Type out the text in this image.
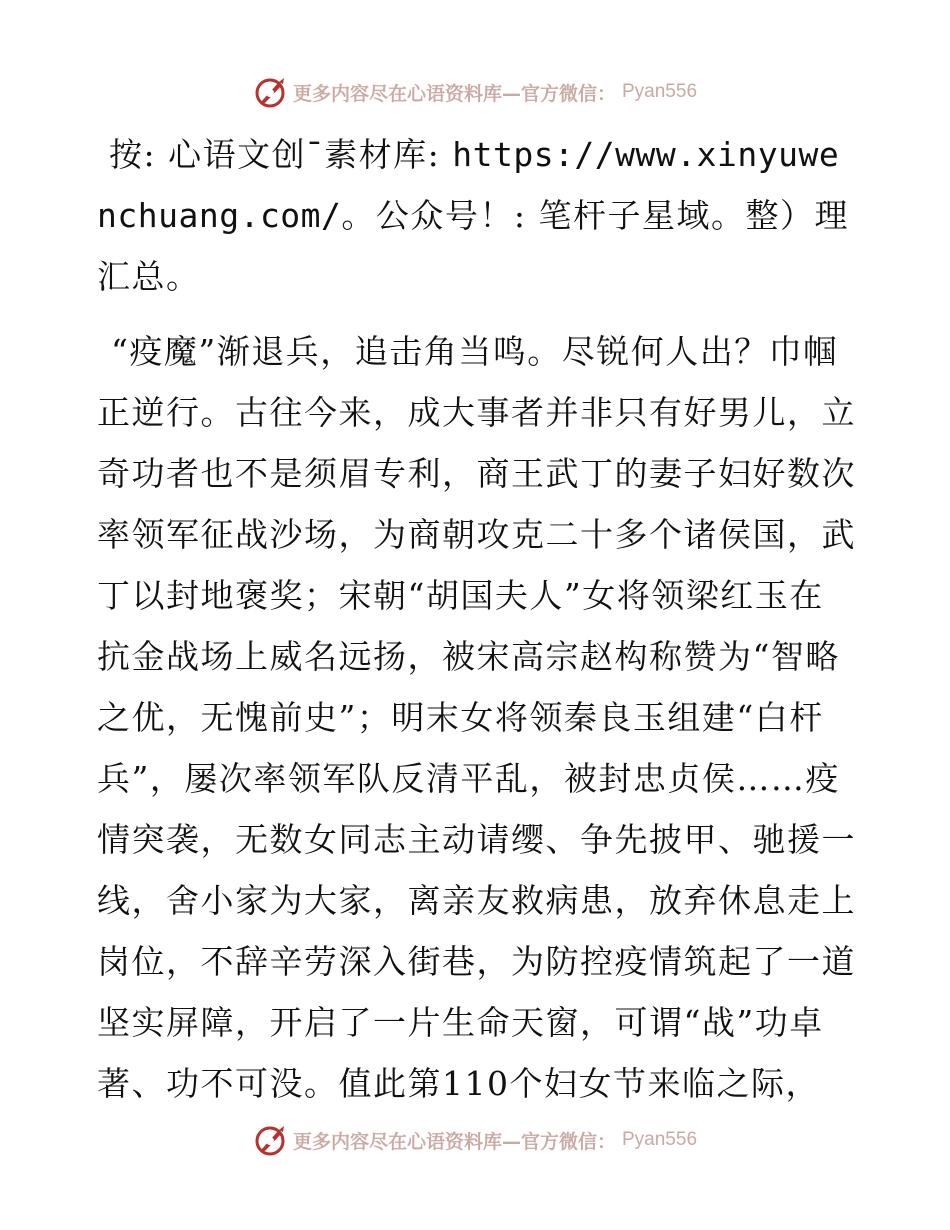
更多内容尽在心语资料库—官方微信： Pyan556

按: 心语文创¯素材库: https://www.xinyuwenchuang.com/。公众号！: 笔杆子星域。整）理汇总。

“疫魔”渐退兵，追击角当鸣。尽锐何人出？巾帼正逆行。古往今来，成大事者并非只有好男儿，立奇功者也不是须眉专利，商王武丁的妻子妇好数次率领军征战沙场，为商朝攻克二十多个诸侯国，武丁以封地褒奖；宋朝“胡国夫人”女将领梁红玉在抗金战场上威名远扬，被宋高宗赵构称赞为“智略之优，无愧前史”；明末女将领秦良玉组建“白杆兵”，屡次率领军队反清平乱，被封忠贞侯……疫情突袭，无数女同志主动请缨、争先披甲、驰援一线，舍小家为大家，离亲友救病患，放弃休息走上岗位，不辞辛劳深入街巷，为防控疫情筑起了一道坚实屏障，开启了一片生命天窗，可谓“战”功卓著、功不可没。值此第110个妇女节来临之际，

更多内容尽在心语资料库—官方微信： Pyan556
